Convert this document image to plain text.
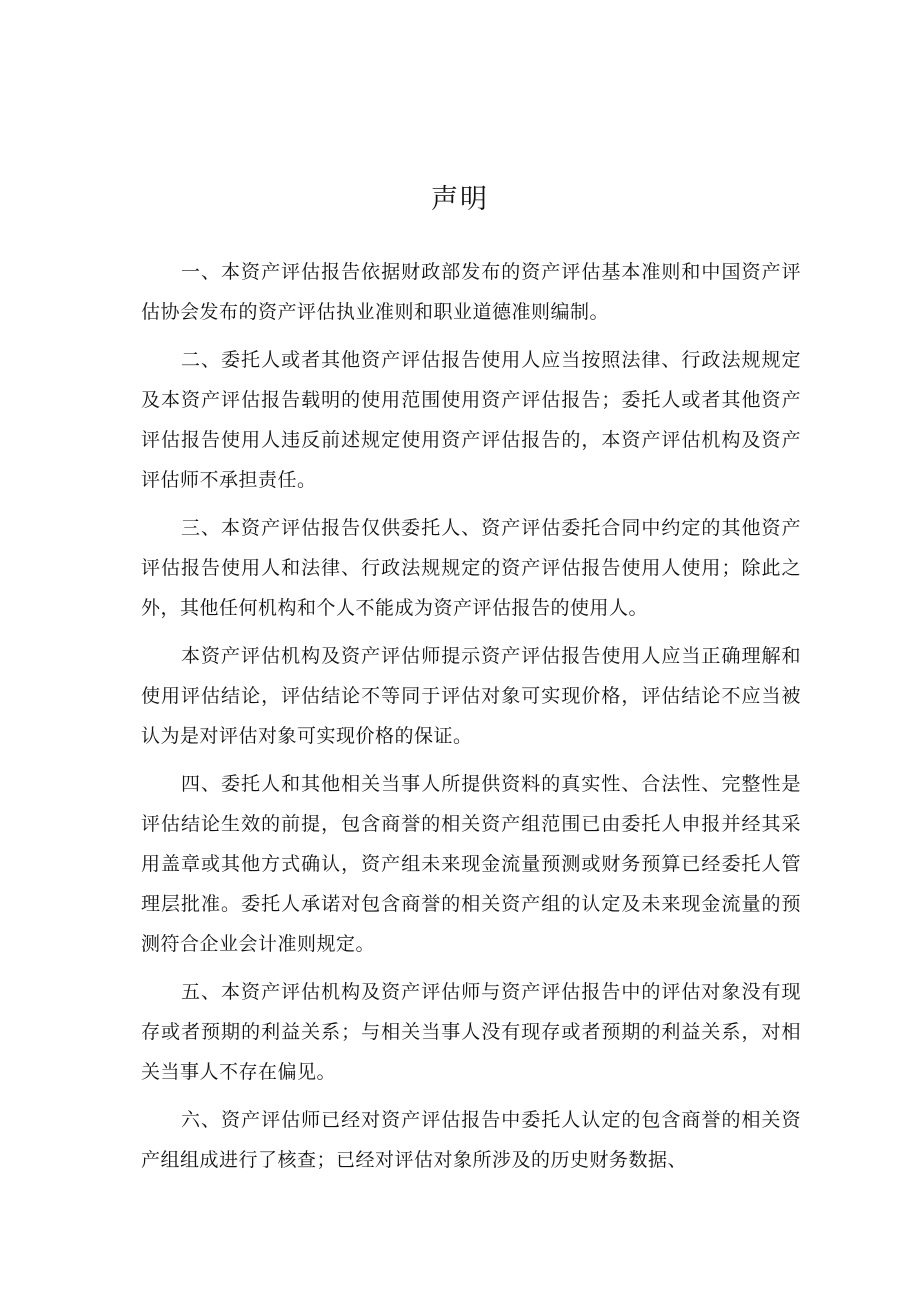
声明

一、本资产评估报告依据财政部发布的资产评估基本准则和中国资产评估协会发布的资产评估执业准则和职业道德准则编制。

二、委托人或者其他资产评估报告使用人应当按照法律、行政法规规定及本资产评估报告载明的使用范围使用资产评估报告；委托人或者其他资产评估报告使用人违反前述规定使用资产评估报告的，本资产评估机构及资产评估师不承担责任。

三、本资产评估报告仅供委托人、资产评估委托合同中约定的其他资产评估报告使用人和法律、行政法规规定的资产评估报告使用人使用；除此之外，其他任何机构和个人不能成为资产评估报告的使用人。

本资产评估机构及资产评估师提示资产评估报告使用人应当正确理解和使用评估结论，评估结论不等同于评估对象可实现价格，评估结论不应当被认为是对评估对象可实现价格的保证。

四、委托人和其他相关当事人所提供资料的真实性、合法性、完整性是评估结论生效的前提，包含商誉的相关资产组范围已由委托人申报并经其采用盖章或其他方式确认，资产组未来现金流量预测或财务预算已经委托人管理层批准。委托人承诺对包含商誉的相关资产组的认定及未来现金流量的预测符合企业会计准则规定。

五、本资产评估机构及资产评估师与资产评估报告中的评估对象没有现存或者预期的利益关系；与相关当事人没有现存或者预期的利益关系，对相关当事人不存在偏见。

六、资产评估师已经对资产评估报告中委托人认定的包含商誉的相关资产组组成进行了核查；已经对评估对象所涉及的历史财务数据、
